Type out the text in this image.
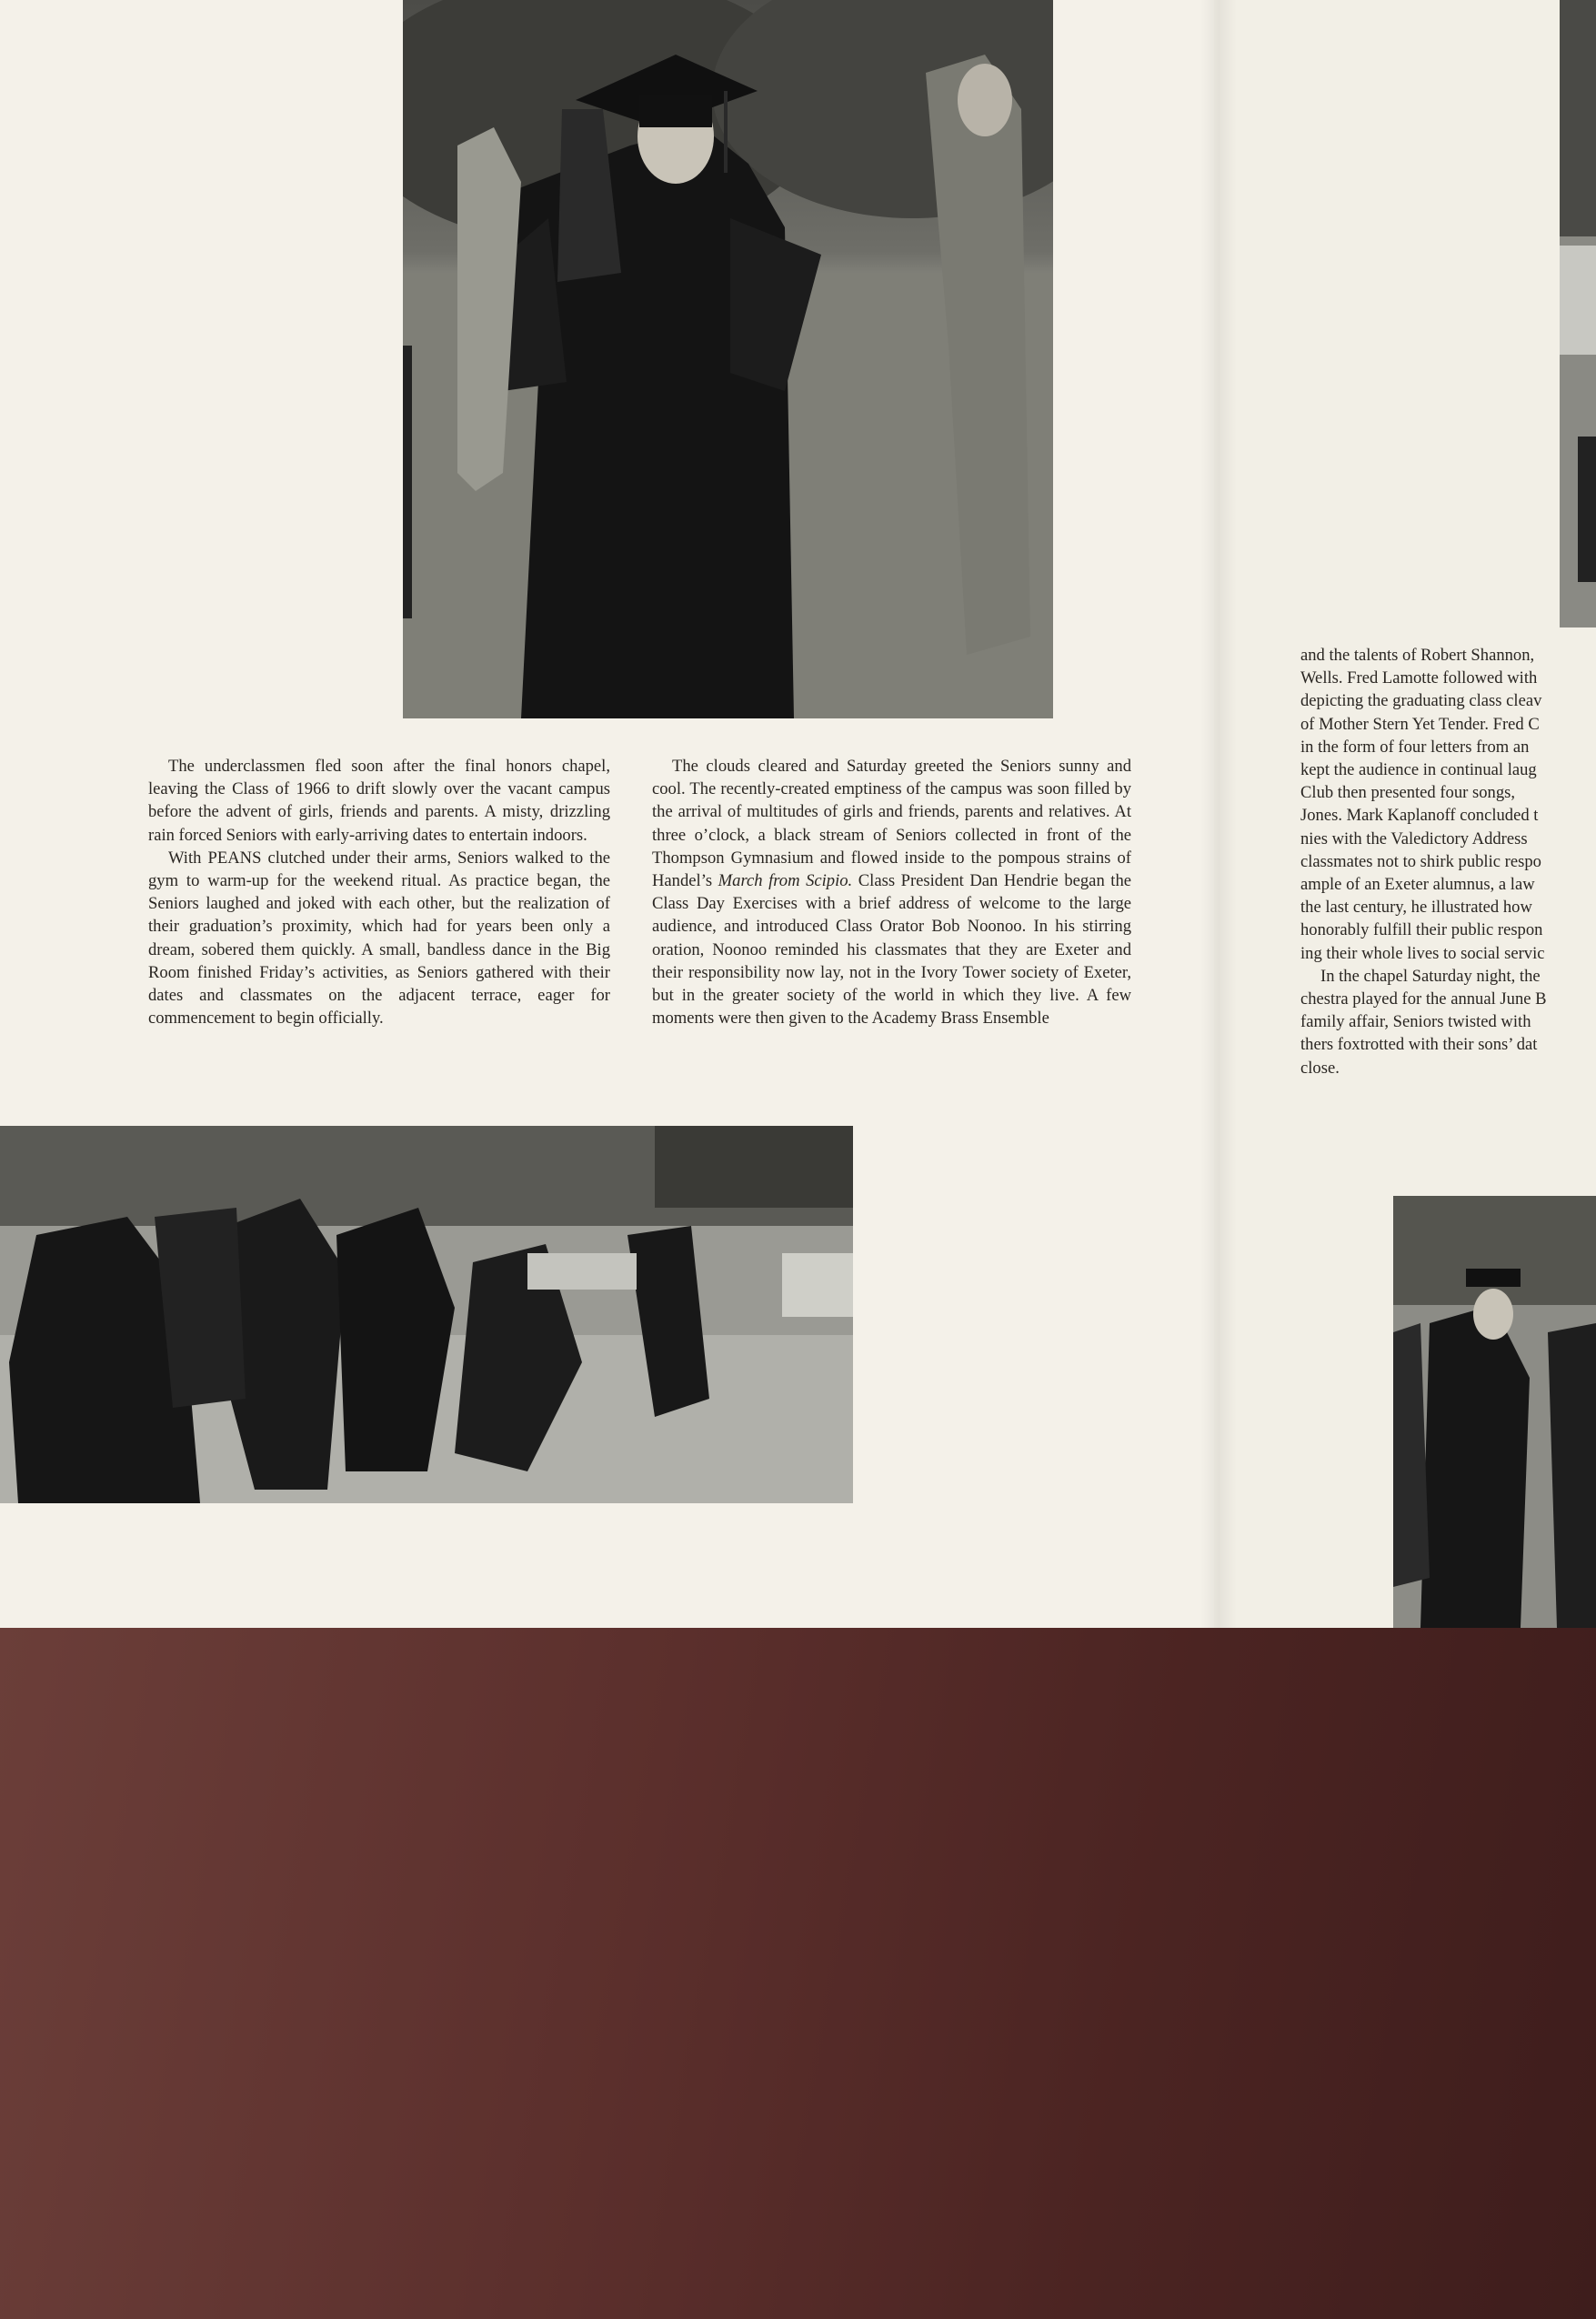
The underclassmen fled soon after the final honors chapel, leaving the Class of 1966 to drift slowly over the vacant campus before the advent of girls, friends and parents. A misty, drizzling rain forced Seniors with early-arriving dates to entertain indoors.

With PEANS clutched under their arms, Seniors walked to the gym to warm-up for the weekend ritual. As practice began, the Seniors laughed and joked with each other, but the realization of their graduation’s proximity, which had for years been only a dream, sobered them quickly. A small, bandless dance in the Big Room finished Friday’s activities, as Seniors gathered with their dates and classmates on the adjacent terrace, eager for commencement to begin officially.

The clouds cleared and Saturday greeted the Seniors sunny and cool. The recently-created emptiness of the campus was soon filled by the arrival of multitudes of girls and friends, parents and relatives. At three o’clock, a black stream of Seniors collected in front of the Thompson Gymnasium and flowed inside to the pompous strains of Handel’s March from Scipio. Class President Dan Hendrie began the Class Day Exercises with a brief address of welcome to the large audience, and introduced Class Orator Bob Noonoo. In his stirring oration, Noonoo reminded his classmates that they are Exeter and their responsibility now lay, not in the Ivory Tower society of Exeter, but in the greater society of the world in which they live. A few moments were then given to the Academy Brass Ensemble

and the talents of Robert Shannon,
Wells. Fred Lamotte followed with
depicting the graduating class cleav
of Mother Stern Yet Tender. Fred C
in the form of four letters from an
kept the audience in continual laug
Club then presented four songs,
Jones. Mark Kaplanoff concluded t
nies with the Valedictory Address
classmates not to shirk public respo
ample of an Exeter alumnus, a law
the last century, he illustrated how
honorably fulfill their public respon
ing their whole lives to social servic
In the chapel Saturday night, the
chestra played for the annual June B
family affair, Seniors twisted with
thers foxtrotted with their sons’ dat
close.
